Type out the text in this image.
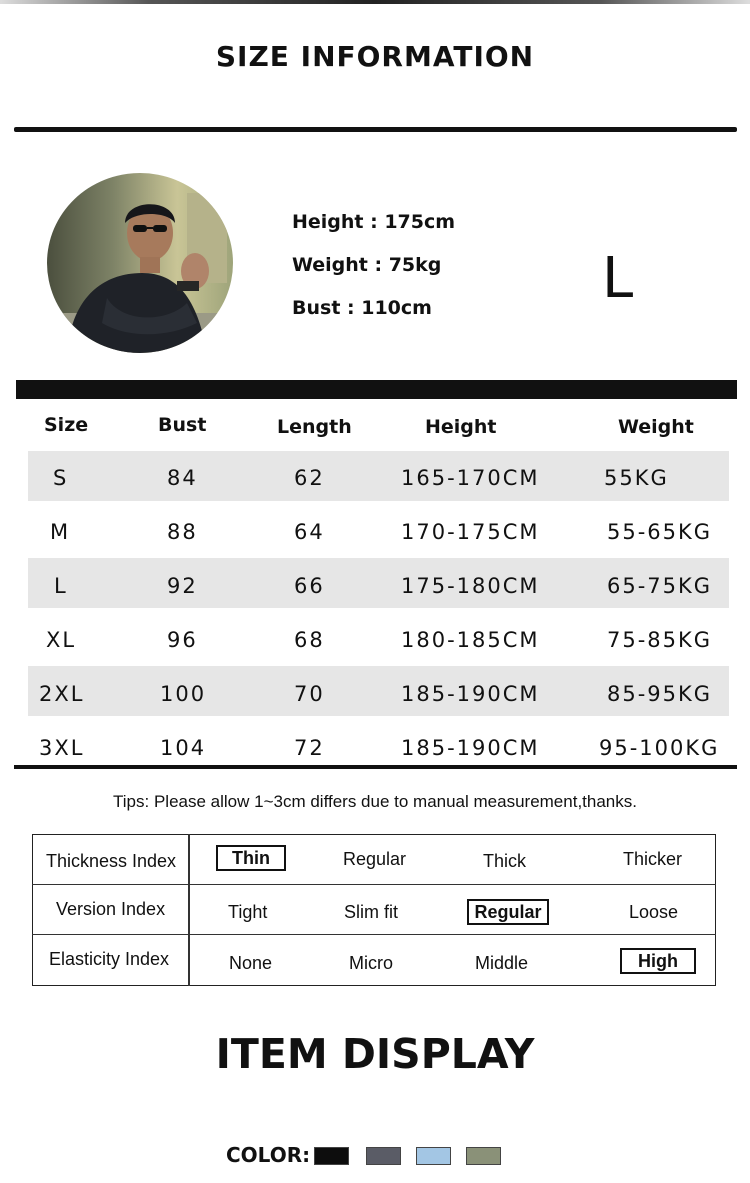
SIZE INFORMATION
Height : 175cm
Weight : 75kg
Bust : 110cm	L
Size	Bust	Length	Height	Weight
S	84	62	165-170CM	55KG
M	88	64	170-175CM	55-65KG
L	92	66	175-180CM	65-75KG
XL	96	68	180-185CM	75-85KG
2XL	100	70	185-190CM	85-95KG
3XL	104	72	185-190CM	95-100KG
Tips: Please allow 1~3cm differs due to manual measurement,thanks.
Thickness Index	Thin	Regular	Thick	Thicker
Version Index	Tight	Slim fit	Regular	Loose
Elasticity Index	None	Micro	Middle	High
ITEM DISPLAY
COLOR:
